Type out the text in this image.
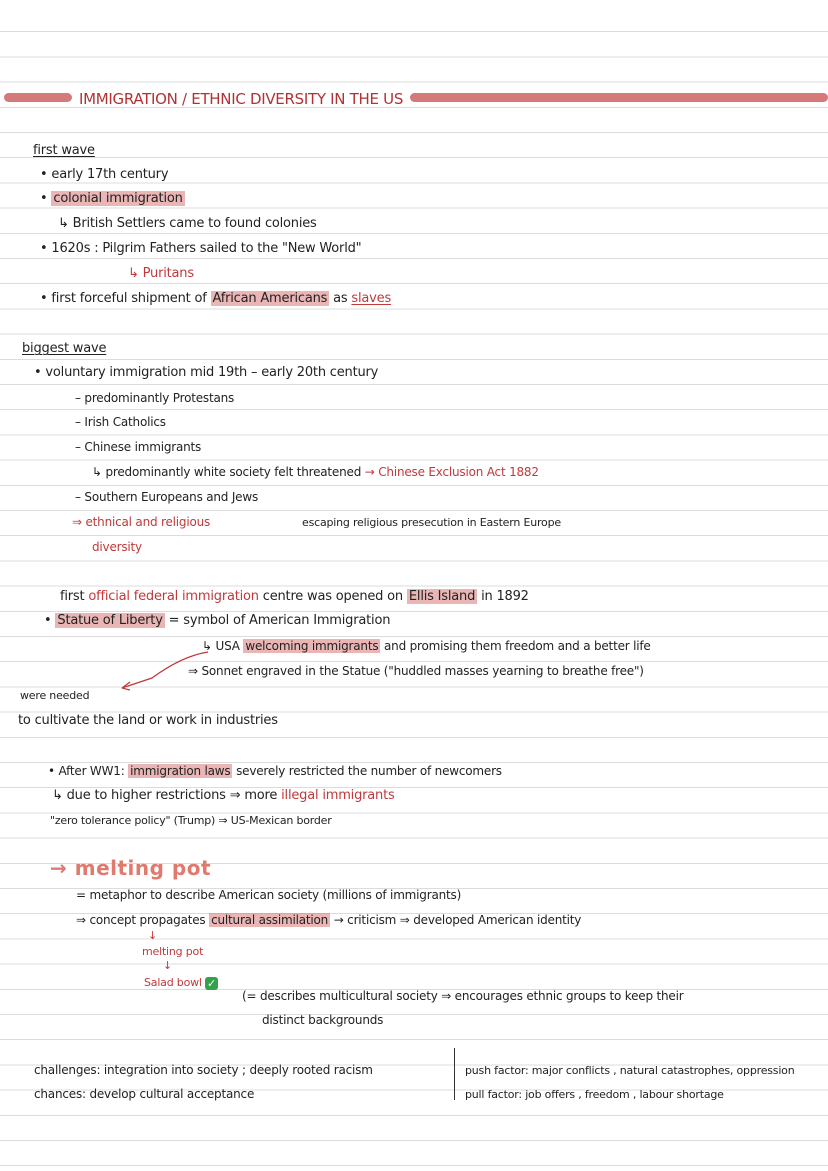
IMMIGRATION / ETHNIC DIVERSITY IN THE US
first wave
• early 17th century
• colonial immigration
↳ British Settlers came to found colonies
• 1620s : Pilgrim Fathers sailed to the "New World"
↳ Puritans
• first forceful shipment of African Americans as slaves
biggest wave
• voluntary immigration mid 19th – early 20th century
– predominantly Protestans
– Irish Catholics
– Chinese immigrants
↳ predominantly white society felt threatened → Chinese Exclusion Act 1882
– Southern Europeans and Jews
⇒ ethnical and religious
diversity
escaping religious presecution in Eastern Europe
first official federal immigration centre was opened on Ellis Island in 1892
• Statue of Liberty = symbol of American Immigration
↳ USA welcoming immigrants and promising them freedom and a better life
⇒ Sonnet engraved in the Statue ("huddled masses yearning to breathe free")
were needed
to cultivate the land or work in industries
• After WW1: immigration laws severely restricted the number of newcomers
↳ due to higher restrictions ⇒ more illegal immigrants
"zero tolerance policy" (Trump) ⇒ US-Mexican border
→ melting pot
= metaphor to describe American society (millions of immigrants)
⇒ concept propagates cultural assimilation → criticism ⇒ developed American identity
↓
melting pot
↓
Salad bowl ✓
(= describes multicultural society ⇒ encourages ethnic groups to keep their
distinct backgrounds
challenges: integration into society ; deeply rooted racism
chances: develop cultural acceptance
push factor: major conflicts , natural catastrophes, oppression
pull factor: job offers , freedom , labour shortage
